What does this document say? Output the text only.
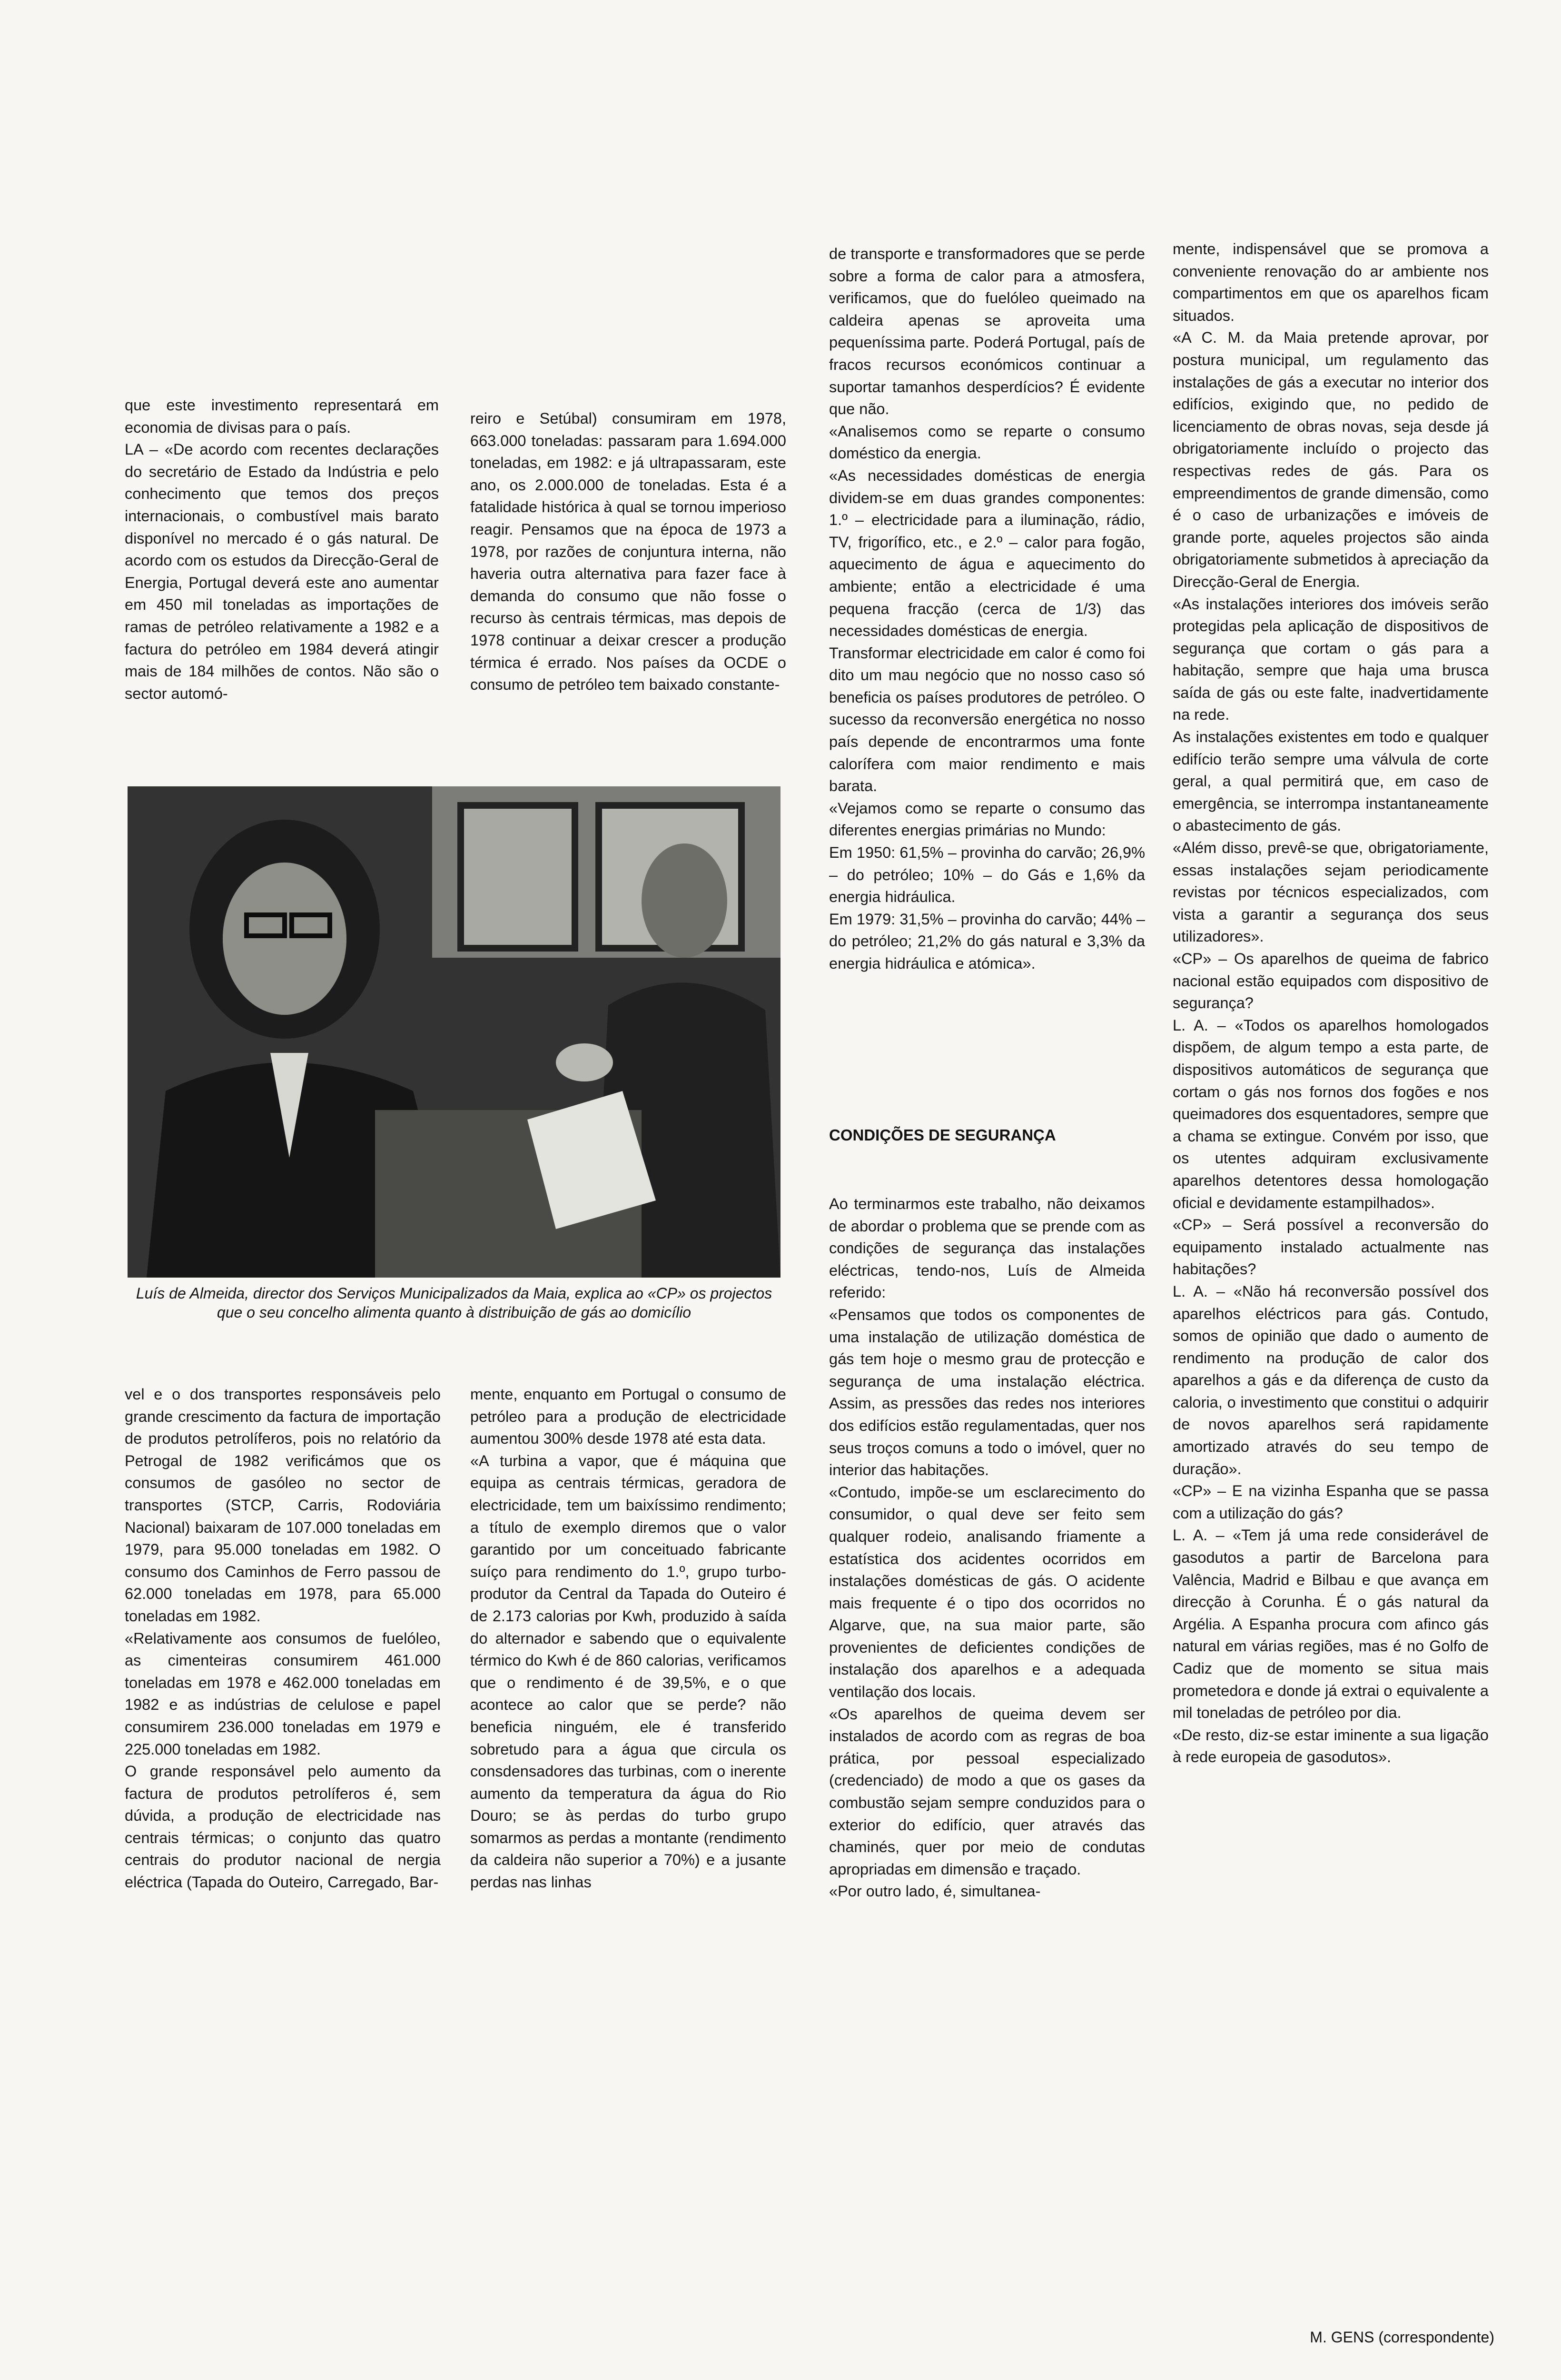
que este investimento representará em economia de divisas para o país.

LA – «De acordo com recentes declarações do secretário de Estado da Indústria e pelo conhecimento que temos dos preços internacionais, o combustível mais barato disponível no mercado é o gás natural. De acordo com os estudos da Direcção-Geral de Energia, Portugal deverá este ano aumentar em 450 mil toneladas as importações de ramas de petróleo relativamente a 1982 e a factura do petróleo em 1984 deverá atingir mais de 184 milhões de contos. Não são o sector automó-

reiro e Setúbal) consumiram em 1978, 663.000 toneladas: passaram para 1.694.000 toneladas, em 1982: e já ultrapassaram, este ano, os 2.000.000 de toneladas. Esta é a fatalidade histórica à qual se tornou imperioso reagir. Pensamos que na época de 1973 a 1978, por razões de conjuntura interna, não haveria outra alternativa para fazer face à demanda do consumo que não fosse o recurso às centrais térmicas, mas depois de 1978 continuar a deixar crescer a produção térmica é errado. Nos países da OCDE o consumo de petróleo tem baixado constante-

de transporte e transformadores que se perde sobre a forma de calor para a atmosfera, verificamos, que do fuelóleo queimado na caldeira apenas se aproveita uma pequeníssima parte. Poderá Portugal, país de fracos recursos económicos continuar a suportar tamanhos desperdícios? É evidente que não.

«Analisemos como se reparte o consumo doméstico da energia.

«As necessidades domésticas de energia dividem-se em duas grandes componentes: 1.º – electricidade para a iluminação, rádio, TV, frigorífico, etc., e 2.º – calor para fogão, aquecimento de água e aquecimento do ambiente; então a electricidade é uma pequena fracção (cerca de 1/3) das necessidades domésticas de energia.

Transformar electricidade em calor é como foi dito um mau negócio que no nosso caso só beneficia os países produtores de petróleo. O sucesso da reconversão energética no nosso país depende de encontrarmos uma fonte calorífera com maior rendimento e mais barata.

«Vejamos como se reparte o consumo das diferentes energias primárias no Mundo:

Em 1950: 61,5% – provinha do carvão; 26,9% – do petróleo; 10% – do Gás e 1,6% da energia hidráulica.

Em 1979: 31,5% – provinha do carvão; 44% – do petróleo; 21,2% do gás natural e 3,3% da energia hidráulica e atómica».

mente, indispensável que se promova a conveniente renovação do ar ambiente nos compartimentos em que os aparelhos ficam situados.

«A C. M. da Maia pretende aprovar, por postura municipal, um regulamento das instalações de gás a executar no interior dos edifícios, exigindo que, no pedido de licenciamento de obras novas, seja desde já obrigatoriamente incluído o projecto das respectivas redes de gás. Para os empreendimentos de grande dimensão, como é o caso de urbanizações e imóveis de grande porte, aqueles projectos são ainda obrigatoriamente submetidos à apreciação da Direcção-Geral de Energia.

«As instalações interiores dos imóveis serão protegidas pela aplicação de dispositivos de segurança que cortam o gás para a habitação, sempre que haja uma brusca saída de gás ou este falte, inadvertidamente na rede.

As instalações existentes em todo e qualquer edifício terão sempre uma válvula de corte geral, a qual permitirá que, em caso de emergência, se interrompa instantaneamente o abastecimento de gás.

«Além disso, prevê-se que, obrigatoriamente, essas instalações sejam periodicamente revistas por técnicos especializados, com vista a garantir a segurança dos seus utilizadores».

«CP» – Os aparelhos de queima de fabrico nacional estão equipados com dispositivo de segurança?

L. A. – «Todos os aparelhos homologados dispõem, de algum tempo a esta parte, de dispositivos automáticos de segurança que cortam o gás nos fornos dos fogões e nos queimadores dos esquentadores, sempre que a chama se extingue. Convém por isso, que os utentes adquiram exclusivamente aparelhos detentores dessa homologação oficial e devidamente estampilhados».

«CP» – Será possível a reconversão do equipamento instalado actualmente nas habitações?

L. A. – «Não há reconversão possível dos aparelhos eléctricos para gás. Contudo, somos de opinião que dado o aumento de rendimento na produção de calor dos aparelhos a gás e da diferença de custo da caloria, o investimento que constitui o adquirir de novos aparelhos será rapidamente amortizado através do seu tempo de duração».

«CP» – E na vizinha Espanha que se passa com a utilização do gás?

L. A. – «Tem já uma rede considerável de gasodutos a partir de Barcelona para Valência, Madrid e Bilbau e que avança em direcção à Corunha. É o gás natural da Argélia. A Espanha procura com afinco gás natural em várias regiões, mas é no Golfo de Cadiz que de momento se situa mais prometedora e donde já extrai o equivalente a mil toneladas de petróleo por dia.

«De resto, diz-se estar iminente a sua ligação à rede europeia de gasodutos».

Luís de Almeida, director dos Serviços Municipalizados da Maia, explica ao «CP» os projectos que o seu concelho alimenta quanto à distribuição de gás ao domicílio

vel e o dos transportes responsáveis pelo grande crescimento da factura de importação de produtos petrolíferos, pois no relatório da Petrogal de 1982 verificámos que os consumos de gasóleo no sector de transportes (STCP, Carris, Rodoviária Nacional) baixaram de 107.000 toneladas em 1979, para 95.000 toneladas em 1982. O consumo dos Caminhos de Ferro passou de 62.000 toneladas em 1978, para 65.000 toneladas em 1982.

«Relativamente aos consumos de fuelóleo, as cimenteiras consumirem 461.000 toneladas em 1978 e 462.000 toneladas em 1982 e as indústrias de celulose e papel consumirem 236.000 toneladas em 1979 e 225.000 toneladas em 1982.

O grande responsável pelo aumento da factura de produtos petrolíferos é, sem dúvida, a produção de electricidade nas centrais térmicas; o conjunto das quatro centrais do produtor nacional de nergia eléctrica (Tapada do Outeiro, Carregado, Bar-

mente, enquanto em Portugal o consumo de petróleo para a produção de electricidade aumentou 300% desde 1978 até esta data.

«A turbina a vapor, que é máquina que equipa as centrais térmicas, geradora de electricidade, tem um baixíssimo rendimento; a título de exemplo diremos que o valor garantido por um conceituado fabricante suíço para rendimento do 1.º, grupo turbo-produtor da Central da Tapada do Outeiro é de 2.173 calorias por Kwh, produzido à saída do alternador e sabendo que o equivalente térmico do Kwh é de 860 calorias, verificamos que o rendimento é de 39,5%, e o que acontece ao calor que se perde? não beneficia ninguém, ele é transferido sobretudo para a água que circula os consdensadores das turbinas, com o inerente aumento da temperatura da água do Rio Douro; se às perdas do turbo grupo somarmos as perdas a montante (rendimento da caldeira não superior a 70%) e a jusante perdas nas linhas

CONDIÇÕES DE SEGURANÇA

Ao terminarmos este trabalho, não deixamos de abordar o problema que se prende com as condições de segurança das instalações eléctricas, tendo-nos, Luís de Almeida referido:

«Pensamos que todos os componentes de uma instalação de utilização doméstica de gás tem hoje o mesmo grau de protecção e segurança de uma instalação eléctrica. Assim, as pressões das redes nos interiores dos edifícios estão regulamentadas, quer nos seus troços comuns a todo o imóvel, quer no interior das habitações.

«Contudo, impõe-se um esclarecimento do consumidor, o qual deve ser feito sem qualquer rodeio, analisando friamente a estatística dos acidentes ocorridos em instalações domésticas de gás. O acidente mais frequente é o tipo dos ocorridos no Algarve, que, na sua maior parte, são provenientes de deficientes condições de instalação dos aparelhos e a adequada ventilação dos locais.

«Os aparelhos de queima devem ser instalados de acordo com as regras de boa prática, por pessoal especializado (credenciado) de modo a que os gases da combustão sejam sempre conduzidos para o exterior do edifício, quer através das chaminés, quer por meio de condutas apropriadas em dimensão e traçado.

«Por outro lado, é, simultanea-

M. GENS (correspondente)
